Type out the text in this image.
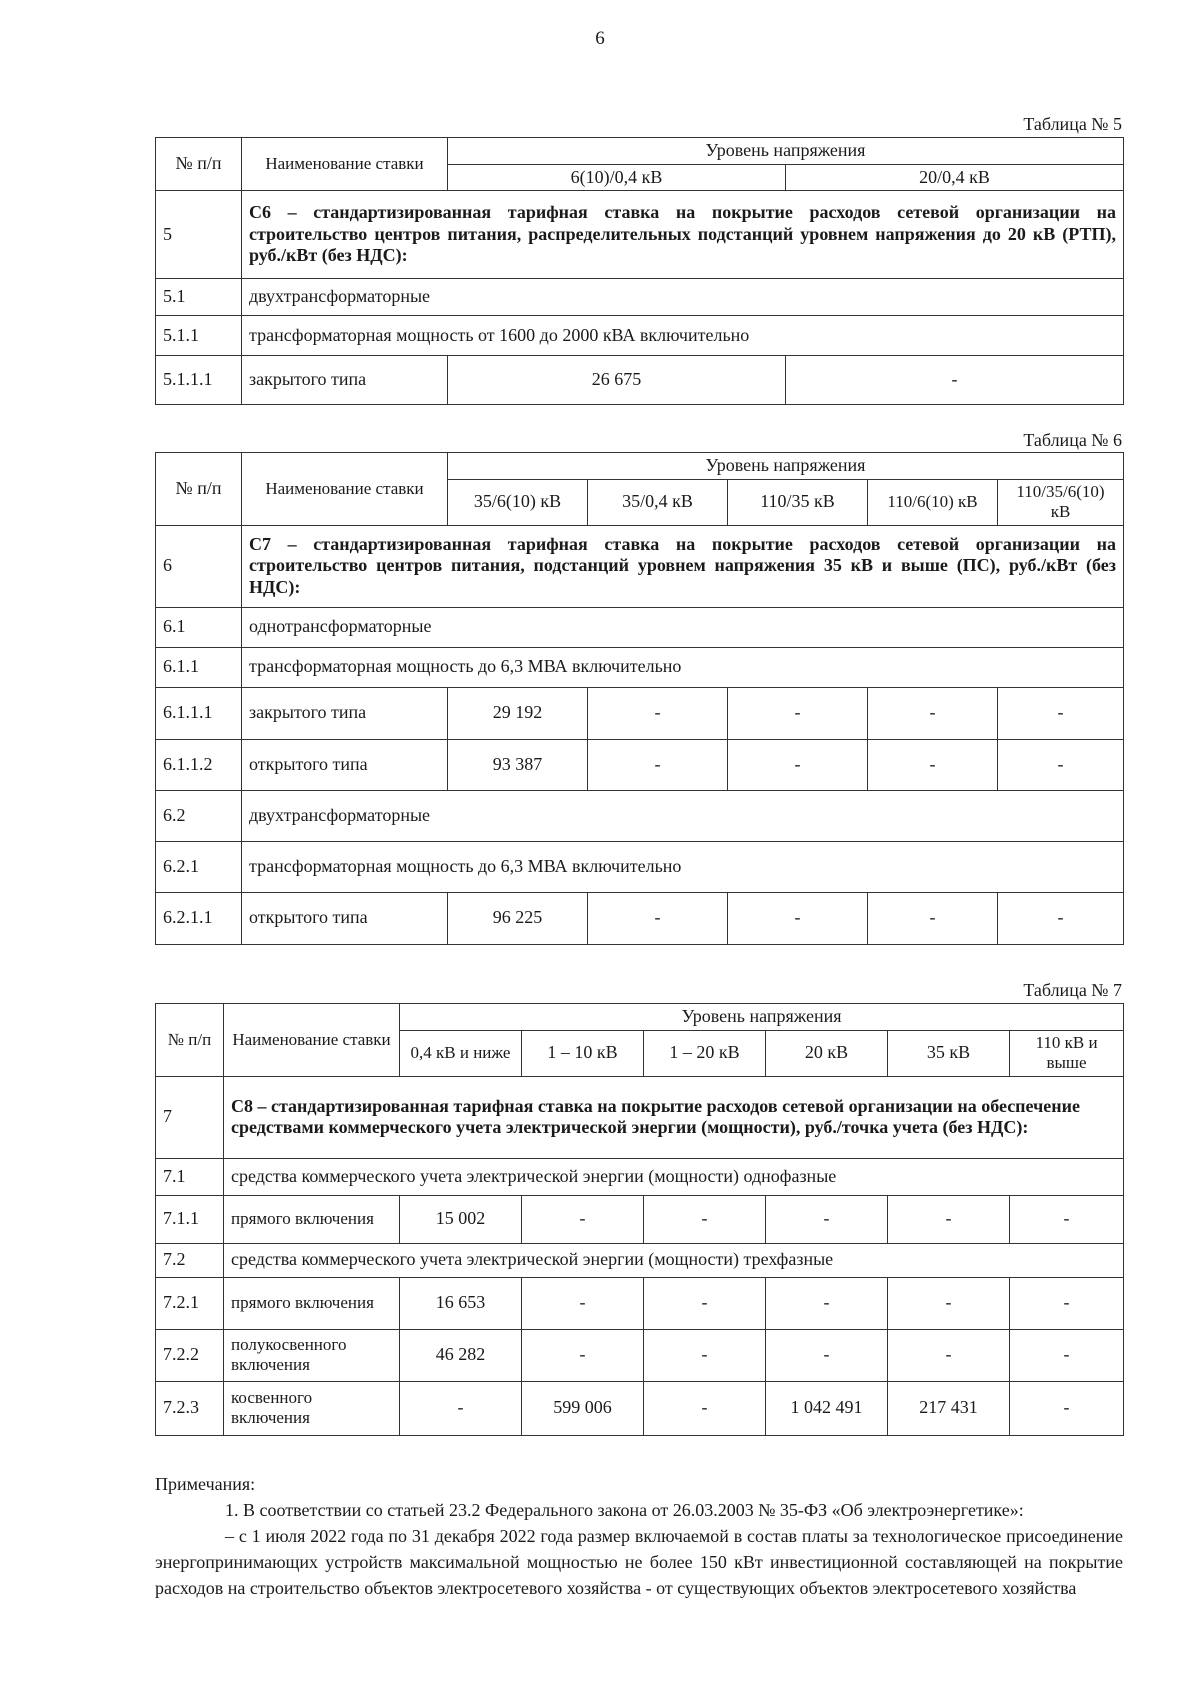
6
Таблица № 5
№ п/п	Наименование ставки	Уровень напряжения	
		6(10)/0,4 кВ	20/0,4 кВ
5	С6 – стандартизированная тарифная ставка на покрытие расходов сетевой организации на строительство центров питания, распределительных подстанций уровнем напряжения до 20 кВ (РТП), руб./кВт (без НДС):		
5.1	двухтрансформаторные		
5.1.1	трансформаторная мощность от 1600 до 2000 кВА включительно		
5.1.1.1	закрытого типа	26 675	-
Таблица № 6
№ п/п	Наименование ставки	Уровень напряжения				
		35/6(10) кВ	35/0,4 кВ	110/35 кВ	110/6(10) кВ	110/35/6(10) кВ
6	С7 – стандартизированная тарифная ставка на покрытие расходов сетевой организации на строительство центров питания, подстанций уровнем напряжения 35 кВ и выше (ПС), руб./кВт (без НДС):					
6.1	однотрансформаторные					
6.1.1	трансформаторная мощность до 6,3 МВА включительно					
6.1.1.1	закрытого типа	29 192	-	-	-	-
6.1.1.2	открытого типа	93 387	-	-	-	-
6.2	двухтрансформаторные					
6.2.1	трансформаторная мощность до 6,3 МВА включительно					
6.2.1.1	открытого типа	96 225	-	-	-	-
Таблица № 7
№ п/п	Наименование ставки	Уровень напряжения					
		0,4 кВ и ниже	1 – 10 кВ	1 – 20 кВ	20 кВ	35 кВ	110 кВ и выше
7	С8 – стандартизированная тарифная ставка на покрытие расходов сетевой организации на обеспечение средствами коммерческого учета электрической энергии (мощности), руб./точка учета (без НДС):						
7.1	средства коммерческого учета электрической энергии (мощности) однофазные						
7.1.1	прямого включения	15 002	-	-	-	-	-
7.2	средства коммерческого учета электрической энергии (мощности) трехфазные						
7.2.1	прямого включения	16 653	-	-	-	-	-
7.2.2	полукосвенного включения	46 282	-	-	-	-	-
7.2.3	косвенного включения	-	599 006	-	1 042 491	217 431	-
Примечания:
1. В соответствии со статьей 23.2 Федерального закона от 26.03.2003 № 35-ФЗ «Об электроэнергетике»:
– с 1 июля 2022 года по 31 декабря 2022 года размер включаемой в состав платы за технологическое присоединение энергопринимающих устройств максимальной мощностью не более 150 кВт инвестиционной составляющей на покрытие расходов на строительство объектов электросетевого хозяйства - от существующих объектов электросетевого хозяйства
